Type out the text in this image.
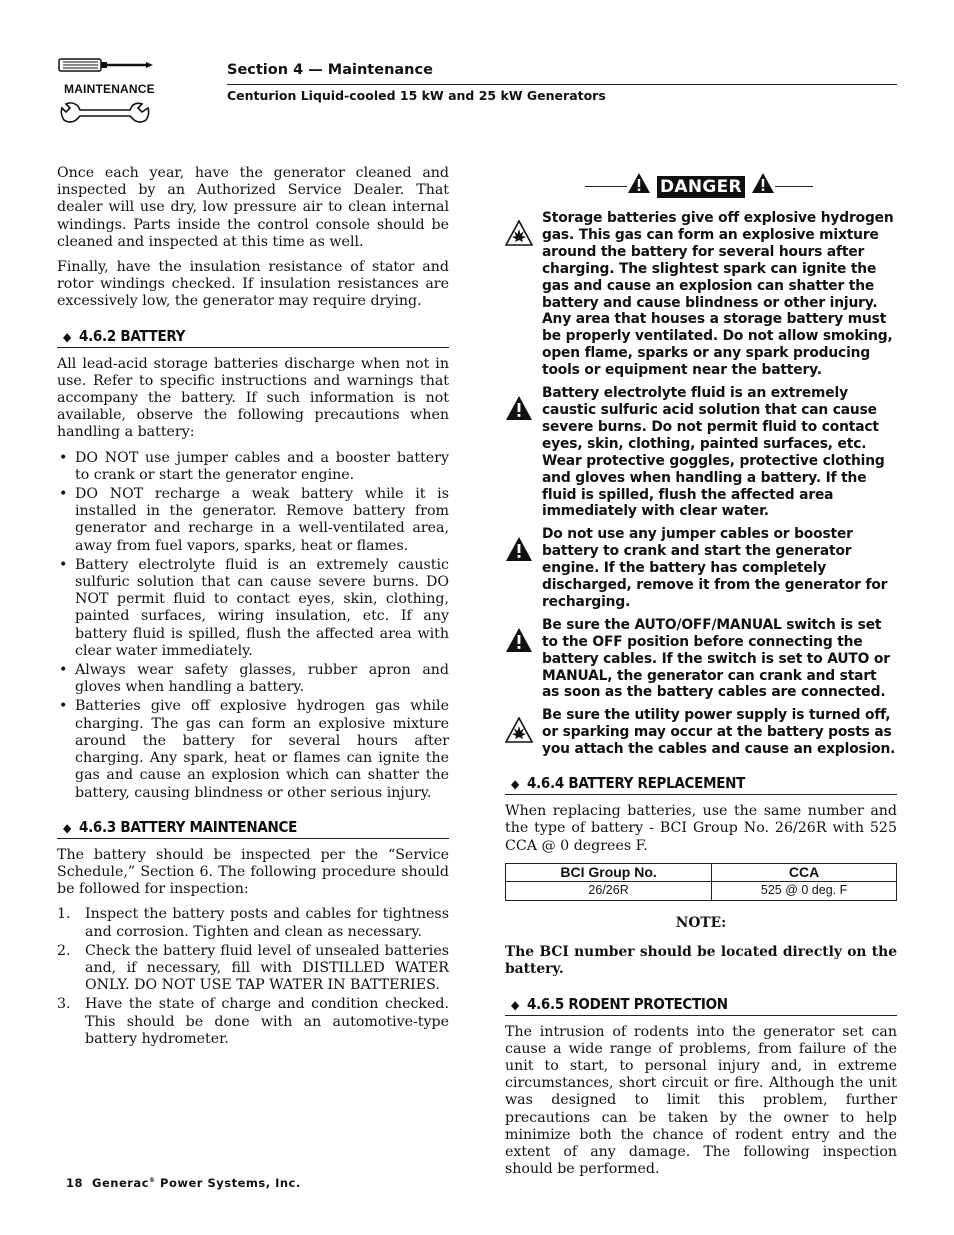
MAINTENANCE
Section 4 — Maintenance
Centurion Liquid-cooled 15 kW and 25 kW Generators

Once each year, have the generator cleaned and inspected by an Authorized Service Dealer. That dealer will use dry, low pressure air to clean internal windings. Parts inside the control console should be cleaned and inspected at this time as well.

Finally, have the insulation resistance of stator and rotor windings checked. If insulation resistances are excessively low, the generator may require drying.

◆ 4.6.2 BATTERY

All lead-acid storage batteries discharge when not in use. Refer to specific instructions and warnings that accompany the battery. If such information is not available, observe the following precautions when handling a battery:

• DO NOT use jumper cables and a booster battery to crank or start the generator engine.
• DO NOT recharge a weak battery while it is installed in the generator. Remove battery from generator and recharge in a well-ventilated area, away from fuel vapors, sparks, heat or flames.
• Battery electrolyte fluid is an extremely caustic sulfuric solution that can cause severe burns. DO NOT permit fluid to contact eyes, skin, clothing, painted surfaces, wiring insulation, etc. If any battery fluid is spilled, flush the affected area with clear water immediately.
• Always wear safety glasses, rubber apron and gloves when handling a battery.
• Batteries give off explosive hydrogen gas while charging. The gas can form an explosive mixture around the battery for several hours after charging. Any spark, heat or flames can ignite the gas and cause an explosion which can shatter the battery, causing blindness or other serious injury.
◆ 4.6.3 BATTERY MAINTENANCE

The battery should be inspected per the “Service Schedule,” Section 6. The following procedure should be followed for inspection:

1. Inspect the battery posts and cables for tightness and corrosion. Tighten and clean as necessary.
2. Check the battery fluid level of unsealed batteries and, if necessary, fill with DISTILLED WATER ONLY. DO NOT USE TAP WATER IN BATTERIES.
3. Have the state of charge and condition checked. This should be done with an automotive-type battery hydrometer.
DANGER
Storage batteries give off explosive hydrogen gas. This gas can form an explosive mixture around the battery for several hours after charging. The slightest spark can ignite the gas and cause an explosion can shatter the battery and cause blindness or other injury. Any area that houses a storage battery must be properly ventilated. Do not allow smoking, open flame, sparks or any spark producing tools or equipment near the battery.
Battery electrolyte fluid is an extremely caustic sulfuric acid solution that can cause severe burns. Do not permit fluid to contact eyes, skin, clothing, painted surfaces, etc. Wear protective goggles, protective clothing and gloves when handling a battery. If the fluid is spilled, flush the affected area immediately with clear water.
Do not use any jumper cables or booster battery to crank and start the generator engine. If the battery has completely discharged, remove it from the generator for recharging.
Be sure the AUTO/OFF/MANUAL switch is set to the OFF position before connecting the battery cables. If the switch is set to AUTO or MANUAL, the generator can crank and start as soon as the battery cables are connected.
Be sure the utility power supply is turned off, or sparking may occur at the battery posts as you attach the cables and cause an explosion.
◆ 4.6.4 BATTERY REPLACEMENT

When replacing batteries, use the same number and the type of battery - BCI Group No. 26/26R with 525 CCA @ 0 degrees F.

BCI Group No.	CCA
26/26R	525 @ 0 deg. F
NOTE:

The BCI number should be located directly on the battery.

◆ 4.6.5 RODENT PROTECTION

The intrusion of rodents into the generator set can cause a wide range of problems, from failure of the unit to start, to personal injury and, in extreme circumstances, short circuit or fire. Although the unit was designed to limit this problem, further precautions can be taken by the owner to help minimize both the chance of rodent entry and the extent of any damage. The following inspection should be performed.

18 Generac® Power Systems, Inc.
